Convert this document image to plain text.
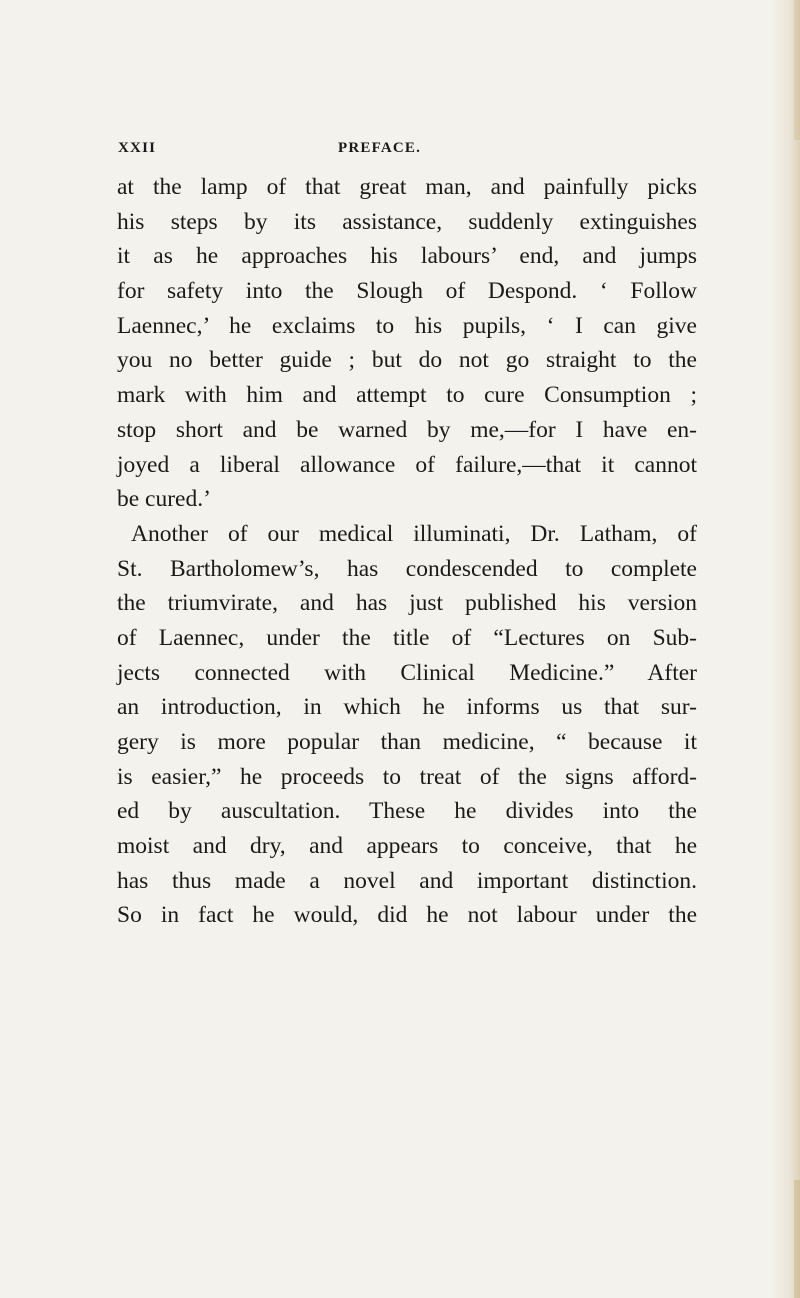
XXII	PREFACE.
at the lamp of that great man, and painfully picks
his steps by its assistance, suddenly extinguishes
it as he approaches his labours’ end, and jumps
for safety into the Slough of Despond. ‘ Follow
Laennec,’ he exclaims to his pupils, ‘ I can give
you no better guide ; but do not go straight to the
mark with him and attempt to cure Consumption ;
stop short and be warned by me,—for I have en-
joyed a liberal allowance of failure,—that it cannot
be cured.’
Another of our medical illuminati, Dr. Latham, of
St. Bartholomew’s, has condescended to complete
the triumvirate, and has just published his version
of Laennec, under the title of “Lectures on Sub-
jects connected with Clinical Medicine.” After
an introduction, in which he informs us that sur-
gery is more popular than medicine, “ because it
is easier,” he proceeds to treat of the signs afford-
ed by auscultation. These he divides into the
moist and dry, and appears to conceive, that he
has thus made a novel and important distinction.
So in fact he would, did he not labour under the
